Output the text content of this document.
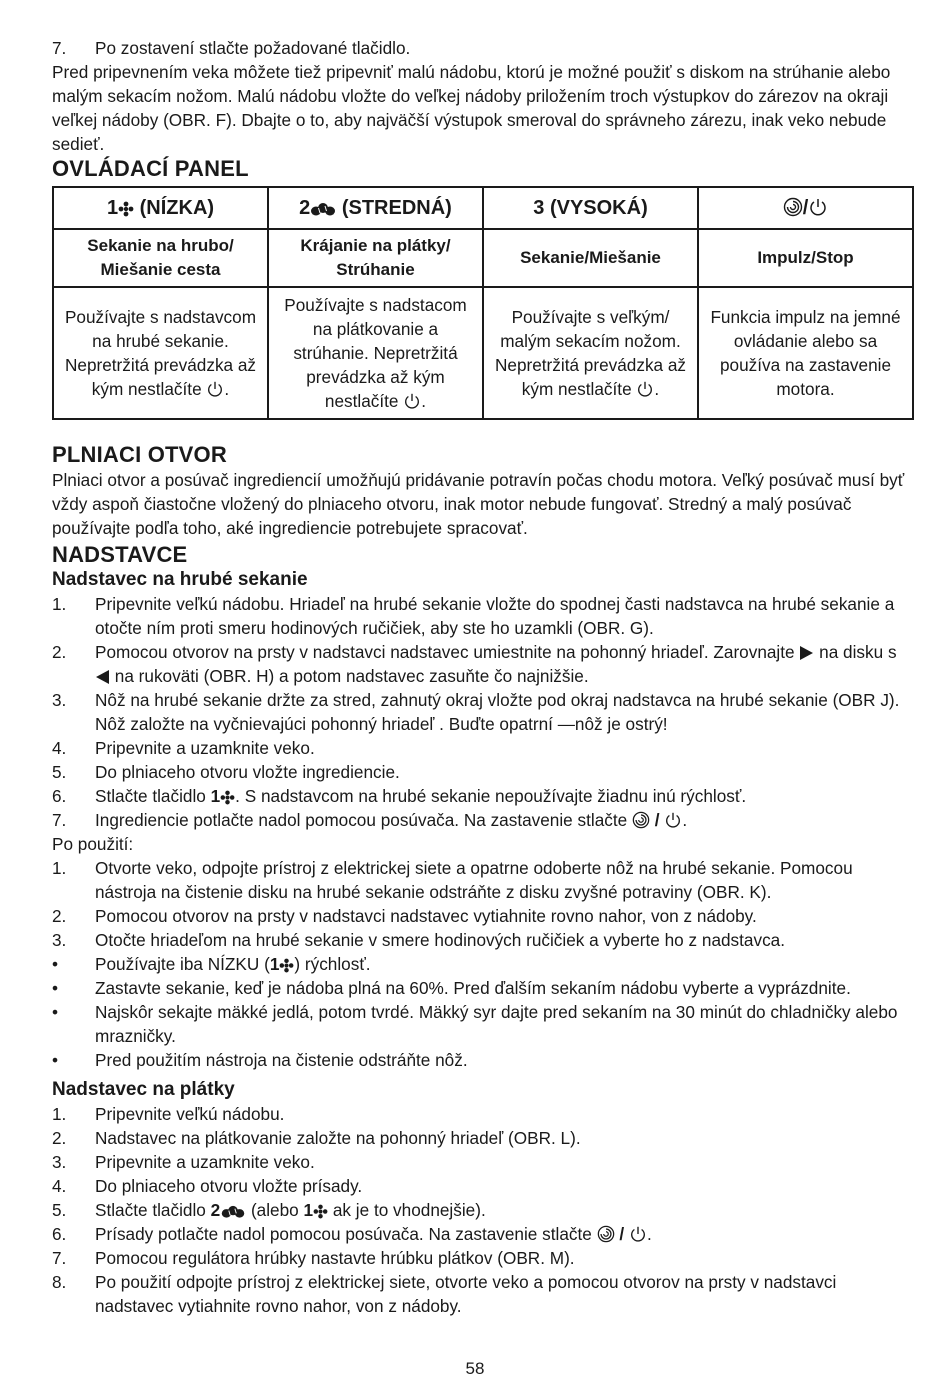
7. Po zostavení stlačte požadované tlačidlo.

Pred pripevnením veka môžete tiež pripevniť malú nádobu, ktorú je možné použiť s diskom na strúhanie alebo malým sekacím nožom. Malú nádobu vložte do veľkej nádoby priložením troch výstupkov do zárezov na okraji veľkej nádoby (OBR. F). Dbajte o to, aby najväčší výstupok smeroval do správneho zárezu, inak veko nebude sedieť.

OVLÁDACÍ PANEL
1 (NÍZKA)	2 (STREDNÁ)	3 (VYSOKÁ)	/
Sekanie na hrubo/ Miešanie cesta	Krájanie na plátky/ Strúhanie	Sekanie/Miešanie	Impulz/Stop
Používajte s nadstavcom na hrubé sekanie. Nepretržitá prevádzka až kým nestlačíte .	Používajte s nadstacom na plátkovanie a strúhanie. Nepretržitá prevádzka až kým nestlačíte .	Používajte s veľkým/ malým sekacím nožom. Nepretržitá prevádzka až kým nestlačíte .	Funkcia impulz na jemné ovládanie alebo sa používa na zastavenie motora.
PLNIACI OTVOR

Plniaci otvor a posúvač ingrediencií umožňujú pridávanie potravín počas chodu motora. Veľký posúvač musí byť vždy aspoň čiastočne vložený do plniaceho otvoru, inak motor nebude fungovať. Stredný a malý posúvač používajte podľa toho, aké ingrediencie potrebujete spracovať.

NADSTAVCE
Nadstavec na hrubé sekanie
1. Pripevnite veľkú nádobu. Hriadeľ na hrubé sekanie vložte do spodnej časti nadstavca na hrubé sekanie a otočte ním proti smeru hodinových ručičiek, aby ste ho uzamkli (OBR. G).
2. Pomocou otvorov na prsty v nadstavci nadstavec umiestnite na pohonný hriadeľ. Zarovnajte na disku s  na rukoväti (OBR. H) a potom nadstavec zasuňte čo najnižšie.
3. Nôž na hrubé sekanie držte za stred, zahnutý okraj vložte pod okraj nadstavca na hrubé sekanie (OBR J). Nôž založte na vyčnievajúci pohonný hriadeľ . Buďte opatrní —nôž je ostrý!
4. Pripevnite a uzamknite veko.
5. Do plniaceho otvoru vložte ingrediencie.
6. Stlačte tlačidlo 1 . S nadstavcom na hrubé sekanie nepoužívajte žiadnu inú rýchlosť.
7. Ingrediencie potlačte nadol pomocou posúvača. Na zastavenie stlačte / .

Po použití:

1. Otvorte veko, odpojte prístroj z elektrickej siete a opatrne odoberte nôž na hrubé sekanie. Pomocou nástroja na čistenie disku na hrubé sekanie odstráňte z disku zvyšné potraviny (OBR. K).
2. Pomocou otvorov na prsty v nadstavci nadstavec vytiahnite rovno nahor, von z nádoby.
3. Otočte hriadeľom na hrubé sekanie v smere hodinových ručičiek a vyberte ho z nadstavca.
• Používajte iba NÍZKU (1 ) rýchlosť.
• Zastavte sekanie, keď je nádoba plná na 60%. Pred ďalším sekaním nádobu vyberte a vyprázdnite.
• Najskôr sekajte mäkké jedlá, potom tvrdé. Mäkký syr dajte pred sekaním na 30 minút do chladničky alebo mrazničky.
• Pred použitím nástroja na čistenie odstráňte nôž.
Nadstavec na plátky
1. Pripevnite veľkú nádobu.
2. Nadstavec na plátkovanie založte na pohonný hriadeľ (OBR. L).
3. Pripevnite a uzamknite veko.
4. Do plniaceho otvoru vložte prísady.
5. Stlačte tlačidlo 2 (alebo 1 ak je to vhodnejšie).
6. Prísady potlačte nadol pomocou posúvača. Na zastavenie stlačte / .
7. Pomocou regulátora hrúbky nastavte hrúbku plátkov (OBR. M).
8. Po použití odpojte prístroj z elektrickej siete, otvorte veko a pomocou otvorov na prsty v nadstavci nadstavec vytiahnite rovno nahor, von z nádoby.
58
